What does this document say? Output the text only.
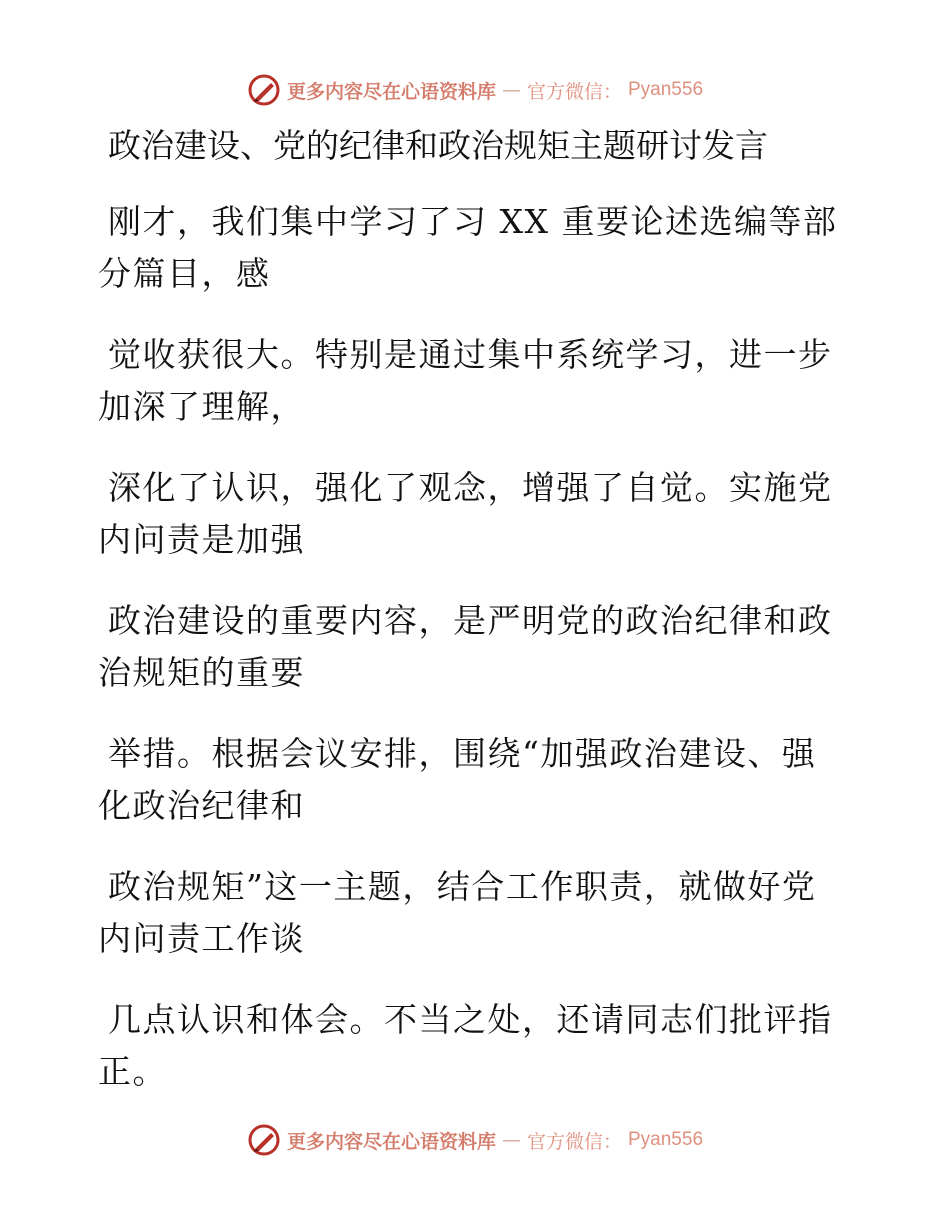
更多内容尽在心语资料库 — 官方微信： Pyan556
政治建设、党的纪律和政治规矩主题研讨发言
刚才，我们集中学习了习 XX 重要论述选编等部
分篇目，感
觉收获很大。特别是通过集中系统学习，进一步
加深了理解，
深化了认识，强化了观念，增强了自觉。实施党
内问责是加强
政治建设的重要内容，是严明党的政治纪律和政
治规矩的重要
举措。根据会议安排，围绕“加强政治建设、强
化政治纪律和
政治规矩”这一主题，结合工作职责，就做好党
内问责工作谈
几点认识和体会。不当之处，还请同志们批评指
正。
更多内容尽在心语资料库 — 官方微信： Pyan556
